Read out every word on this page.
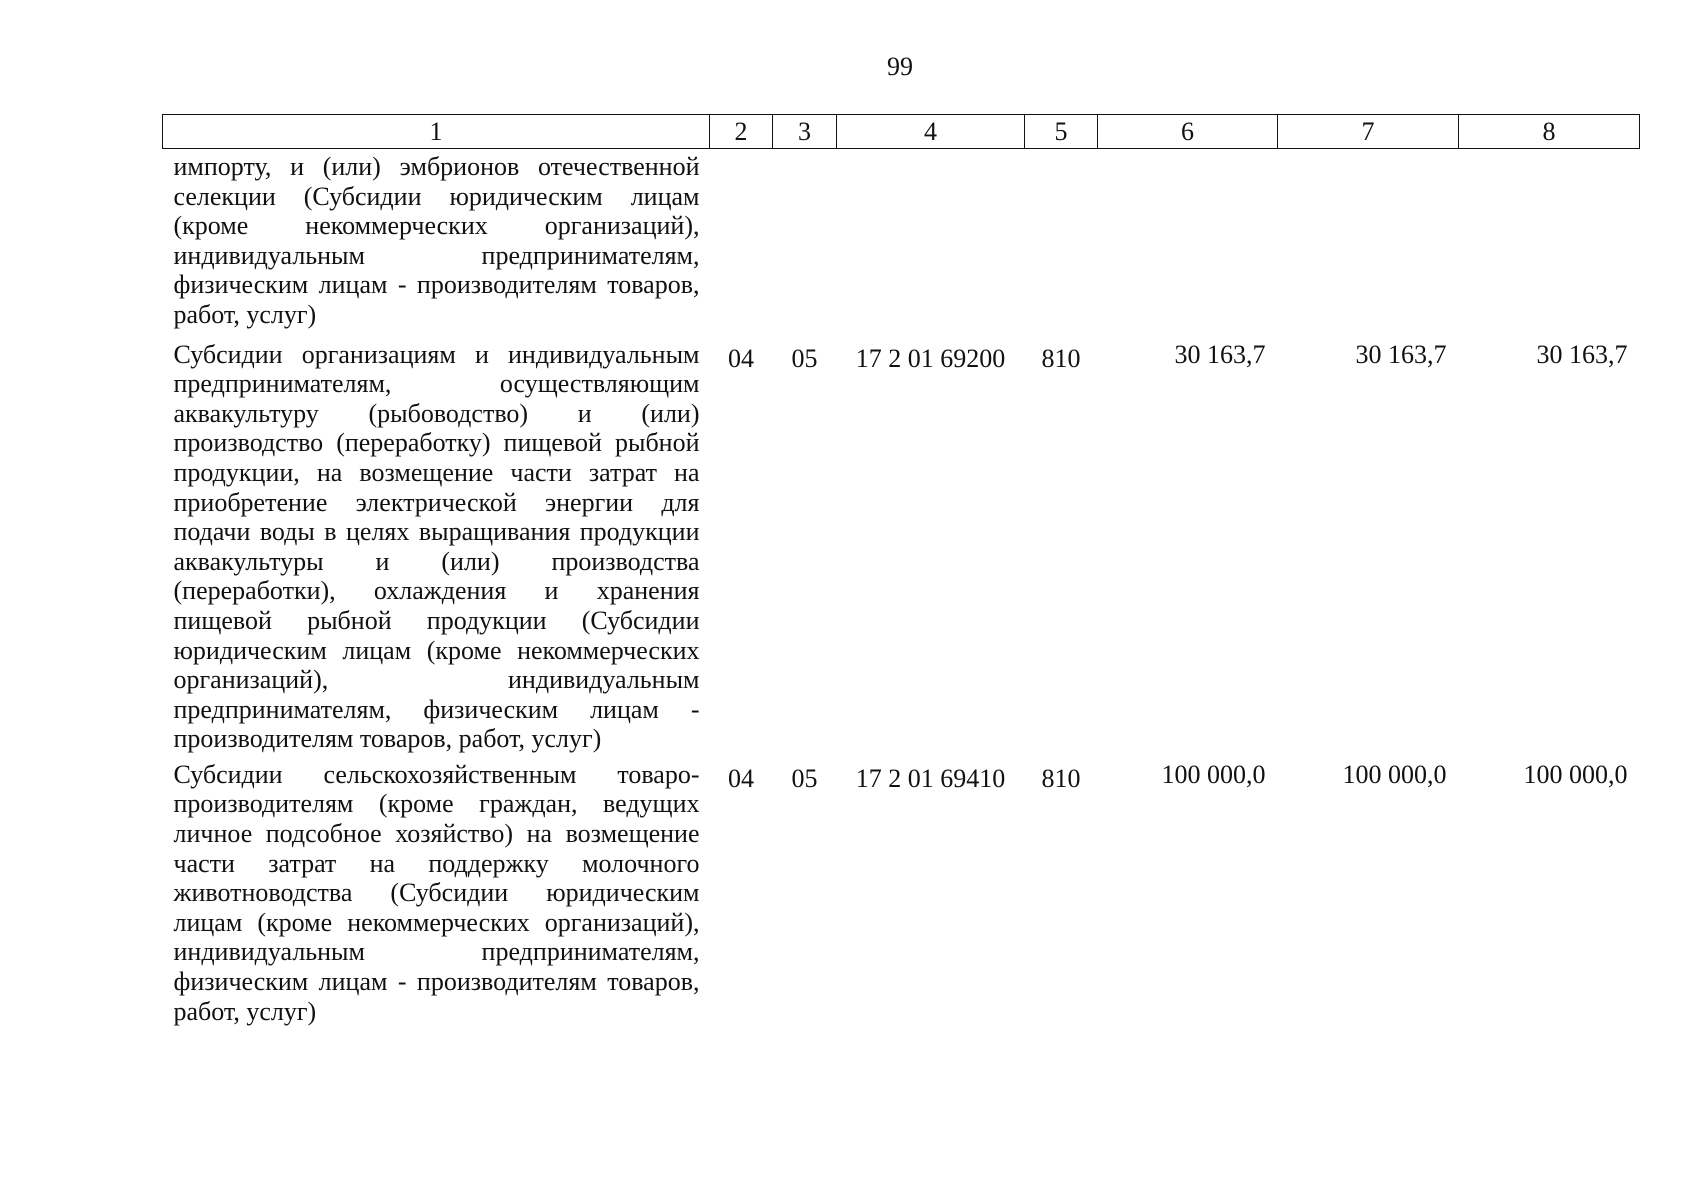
99
1	2	3	4	5	6	7	8
импорту, и (или) эмбрионов отечественной селекции (Субсидии юридическим лицам (кроме некоммерческих организаций), индивидуальным предпринимателям, физическим лицам - производителям товаров, работ, услуг)							
Субсидии организациям и индивидуальным предпринимателям, осуществляющим аквакультуру (рыбоводство) и (или) производство (переработку) пищевой рыбной продукции, на возмещение части затрат на приобретение электрической энергии для подачи воды в целях выращивания продукции аквакультуры и (или) производства (переработки), охлаждения и хранения пищевой рыбной продукции (Субсидии юридическим лицам (кроме некоммерческих организаций), индивидуальным предпринимателям, физическим лицам - производителям товаров, работ, услуг)	04	05	17 2 01 69200	810	30 163,7	30 163,7	30 163,7
Субсидии сельскохозяйственным товаропроизводителям (кроме граждан, ведущих личное подсобное хозяйство) на возмещение части затрат на поддержку молочного животноводства (Субсидии юридическим лицам (кроме некоммерческих организаций), индивидуальным предпринимателям, физическим лицам - производителям товаров, работ, услуг)	04	05	17 2 01 69410	810	100 000,0	100 000,0	100 000,0
